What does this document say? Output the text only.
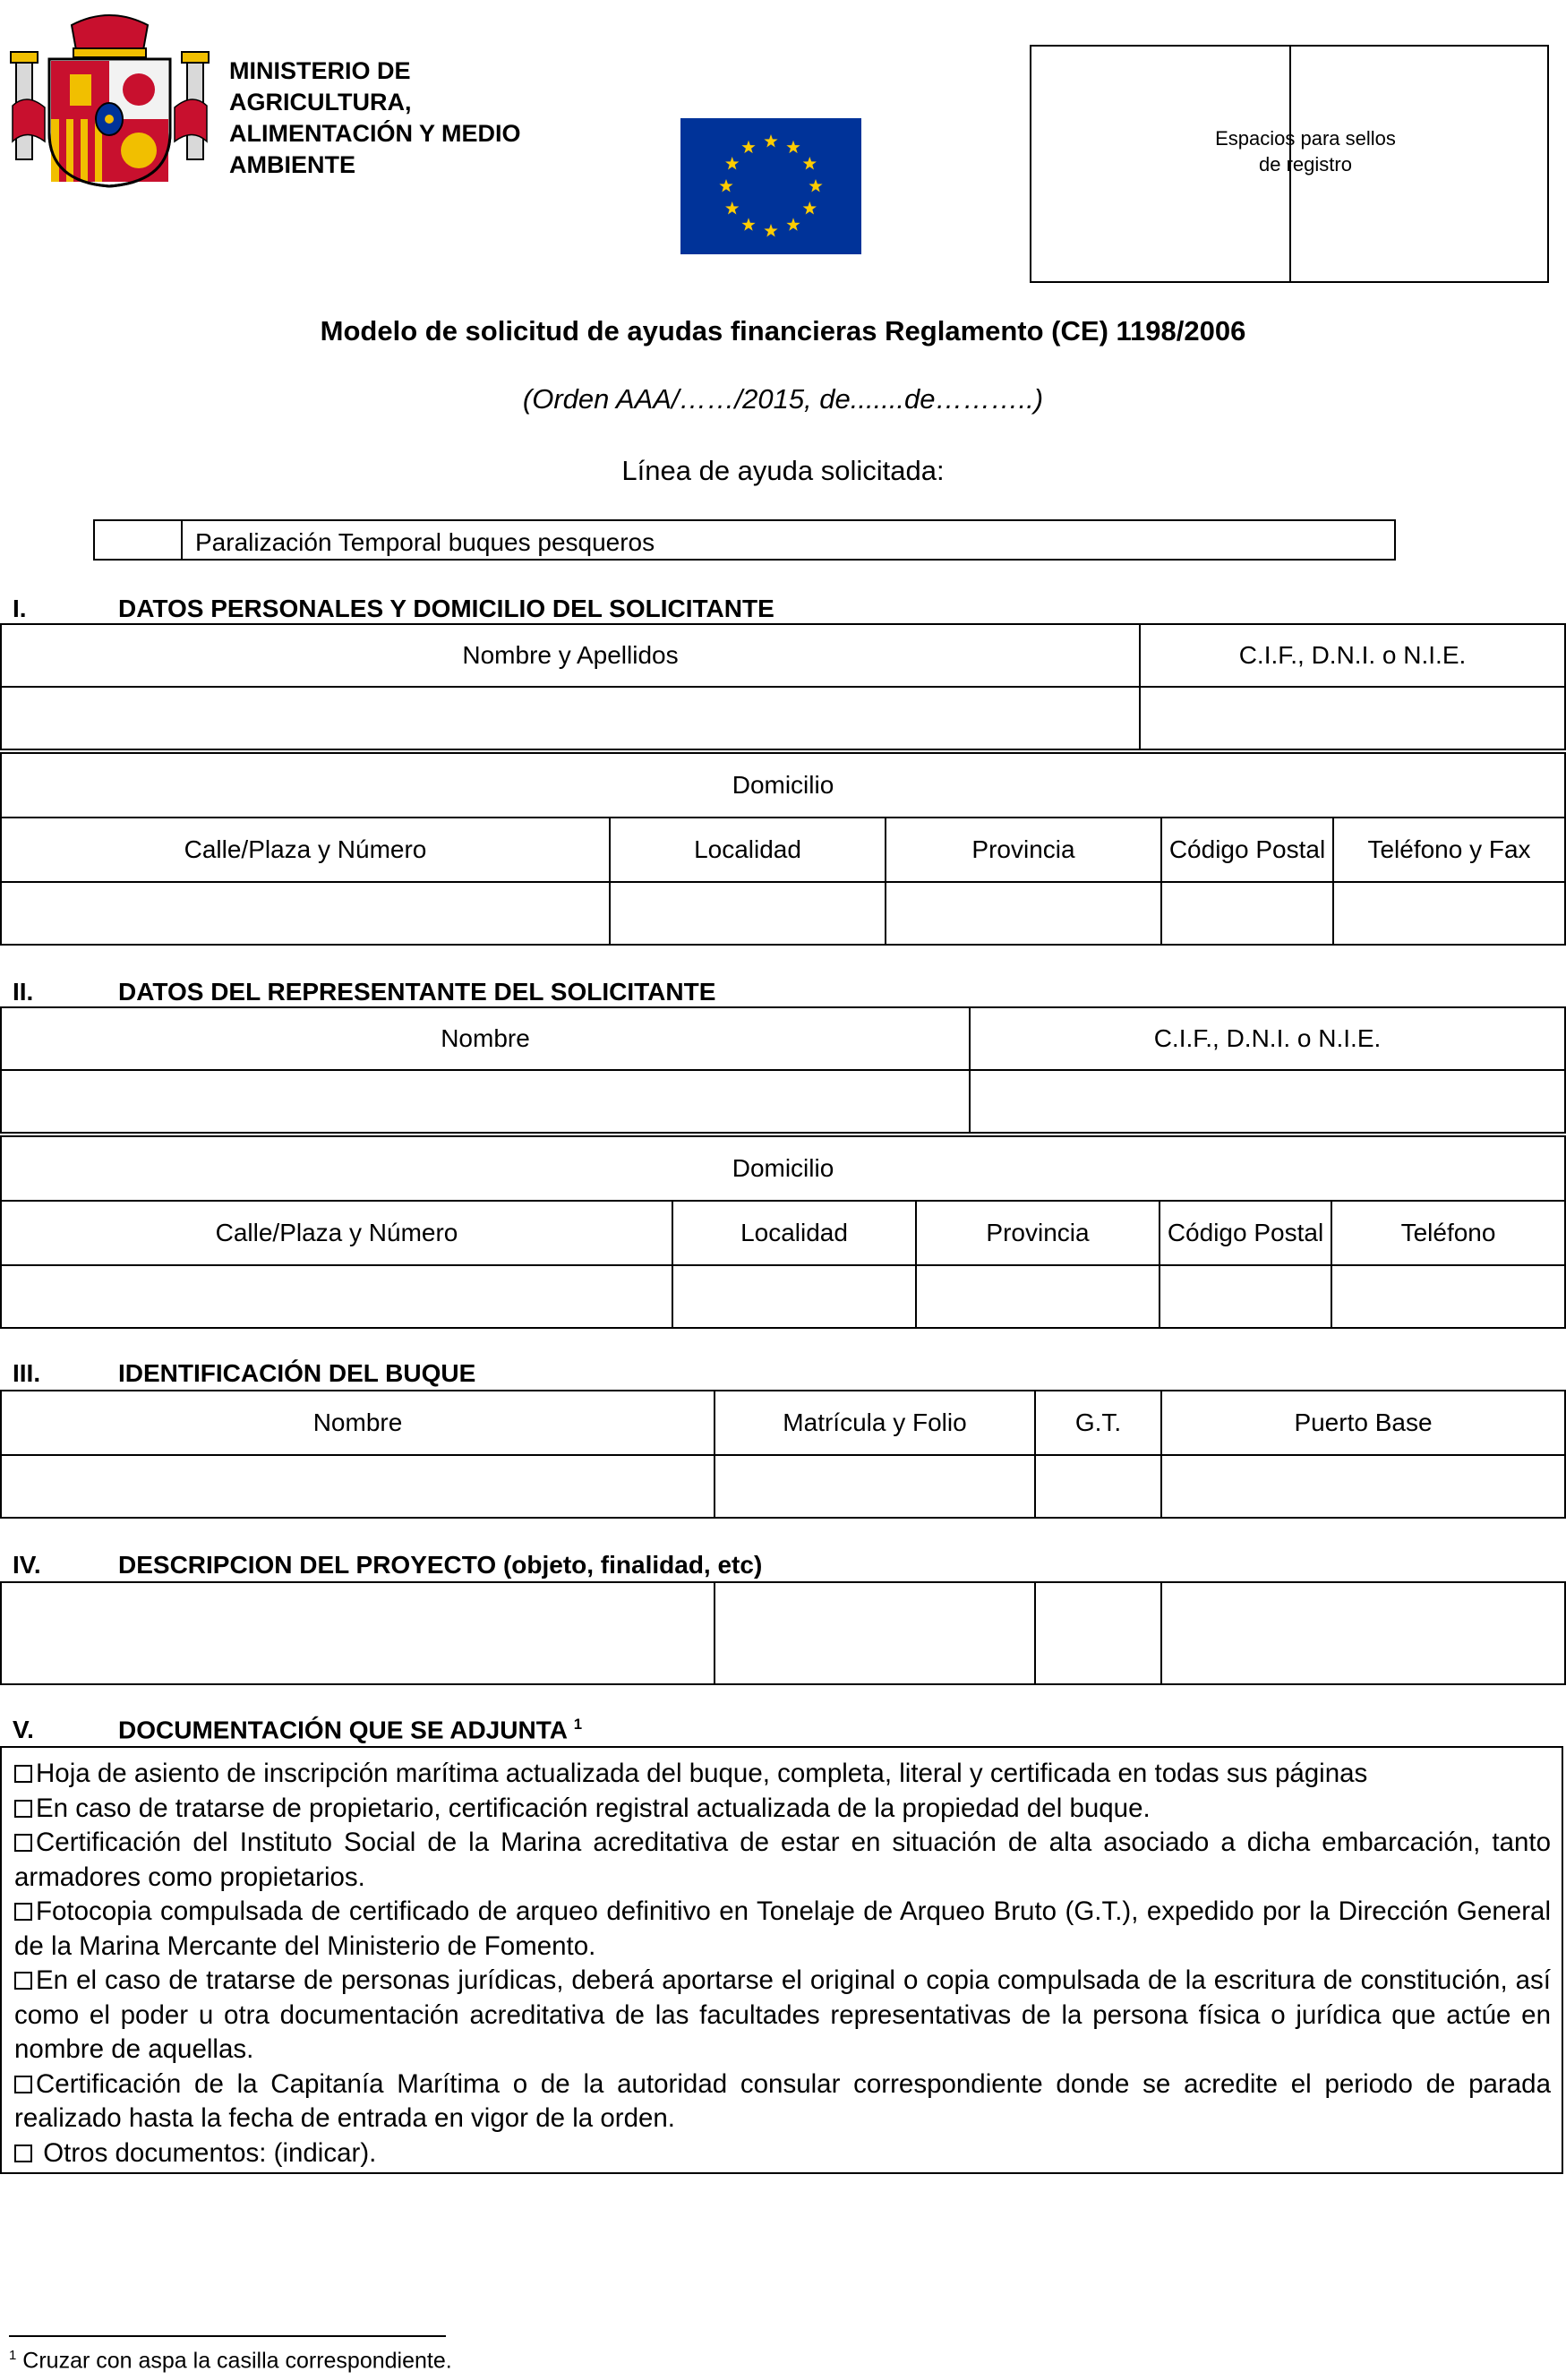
MINISTERIO DE
AGRICULTURA,
ALIMENTACIÓN Y MEDIO
AMBIENTE
Espacios para sellos
de registro
Modelo de solicitud de ayudas financieras Reglamento (CE) 1198/2006
(Orden AAA/……/2015, de.......de………..)
Línea de ayuda solicitada:
Paralización Temporal buques pesqueros
I.	DATOS PERSONALES Y DOMICILIO DEL SOLICITANTE
Nombre y Apellidos	C.I.F., D.N.I. o N.I.E.

Domicilio				
Calle/Plaza y Número	Localidad	Provincia	Código Postal	Teléfono y Fax

II.	DATOS DEL REPRESENTANTE DEL SOLICITANTE
Nombre	C.I.F., D.N.I. o N.I.E.

Domicilio				
Calle/Plaza y Número	Localidad	Provincia	Código Postal	Teléfono

III.	IDENTIFICACIÓN DEL BUQUE
Nombre	Matrícula y Folio	G.T.	Puerto Base

IV.	DESCRIPCION DEL PROYECTO (objeto, finalidad, etc)

V.	DOCUMENTACIÓN QUE SE ADJUNTA $^1$

Hoja de asiento de inscripción marítima actualizada del buque, completa, literal y certificada en todas sus páginas

En caso de tratarse de propietario, certificación registral actualizada de la propiedad del buque.

Certificación del Instituto Social de la Marina acreditativa de estar en situación de alta asociado a dicha embarcación, tanto armadores como propietarios.

Fotocopia compulsada de certificado de arqueo definitivo en Tonelaje de Arqueo Bruto (G.T.), expedido por la Dirección General de la Marina Mercante del Ministerio de Fomento.

En el caso de tratarse de personas jurídicas, deberá aportarse el original o copia compulsada de la escritura de constitución, así como el poder u otra documentación acreditativa de las facultades representativas de la persona física o jurídica que actúe en nombre de aquellas.

Certificación de la Capitanía Marítima o de la autoridad consular correspondiente donde se acredite el periodo de parada realizado hasta la fecha de entrada en vigor de la orden.

Otros documentos: (indicar).

$^1$ Cruzar con aspa la casilla correspondiente.
